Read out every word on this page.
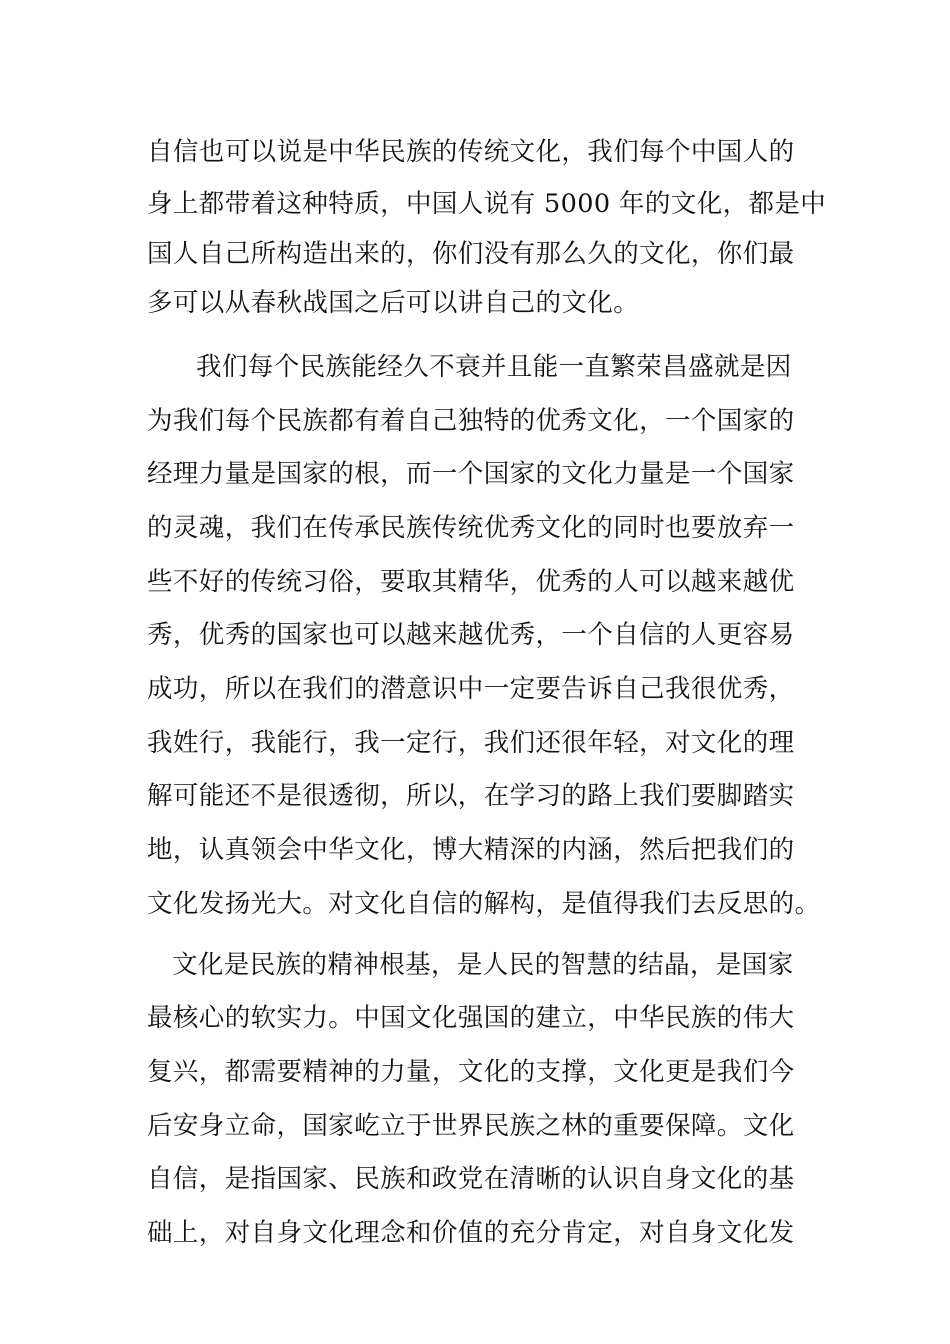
自信也可以说是中华民族的传统文化，我们每个中国人的
身上都带着这种特质，中国人说有 5000 年的文化，都是中
国人自己所构造出来的，你们没有那么久的文化，你们最
多可以从春秋战国之后可以讲自己的文化。
我们每个民族能经久不衰并且能一直繁荣昌盛就是因
为我们每个民族都有着自己独特的优秀文化，一个国家的
经理力量是国家的根，而一个国家的文化力量是一个国家
的灵魂，我们在传承民族传统优秀文化的同时也要放弃一
些不好的传统习俗，要取其精华，优秀的人可以越来越优
秀，优秀的国家也可以越来越优秀，一个自信的人更容易
成功，所以在我们的潜意识中一定要告诉自己我很优秀，
我姓行，我能行，我一定行，我们还很年轻，对文化的理
解可能还不是很透彻，所以，在学习的路上我们要脚踏实
地，认真领会中华文化，博大精深的内涵，然后把我们的
文化发扬光大。对文化自信的解构，是值得我们去反思的。
文化是民族的精神根基，是人民的智慧的结晶，是国家
最核心的软实力。中国文化强国的建立，中华民族的伟大
复兴，都需要精神的力量，文化的支撑，文化更是我们今
后安身立命，国家屹立于世界民族之林的重要保障。文化
自信，是指国家、民族和政党在清晰的认识自身文化的基
础上，对自身文化理念和价值的充分肯定，对自身文化发
